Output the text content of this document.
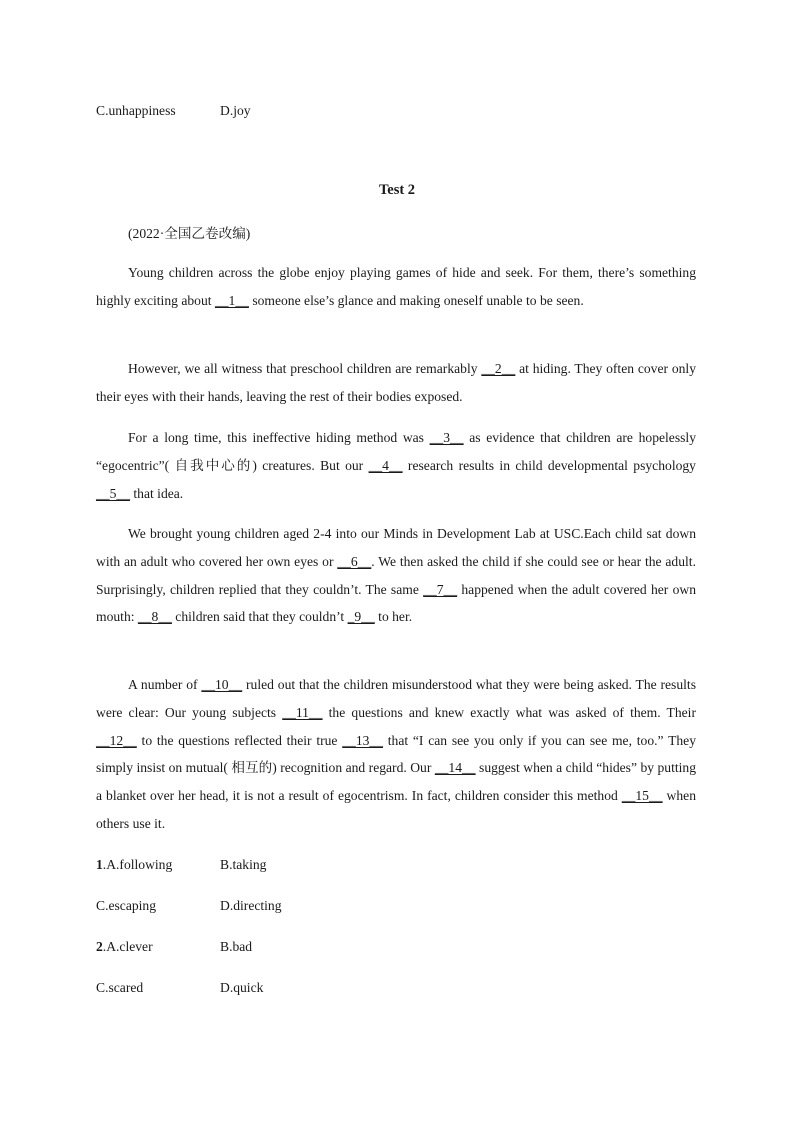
C.unhappiness	D.joy
Test 2
(2022·全国乙卷改编)

Young children across the globe enjoy playing games of hide and seek. For them, there’s something highly exciting about __1__ someone else’s glance and making oneself unable to be seen.

However, we all witness that preschool children are remarkably __2__ at hiding. They often cover only their eyes with their hands, leaving the rest of their bodies exposed.

For a long time, this ineffective hiding method was __3__ as evidence that children are hopelessly “egocentric”( 自我中心的) creatures. But our __4__ research results in child developmental psychology __5__ that idea.

We brought young children aged 2-4 into our Minds in Development Lab at USC.Each child sat down with an adult who covered her own eyes or __6__. We then asked the child if she could see or hear the adult. Surprisingly, children replied that they couldn’t. The same __7__ happened when the adult covered her own mouth: __8__ children said that they couldn’t _9__ to her.

A number of __10__ ruled out that the children misunderstood what they were being asked. The results were clear: Our young subjects __11__ the questions and knew exactly what was asked of them. Their __12__ to the questions reflected their true __13__ that “I can see you only if you can see me, too.” They simply insist on mutual( 相互的) recognition and regard. Our __14__ suggest when a child “hides” by putting a blanket over her head, it is not a result of egocentrism. In fact, children consider this method __15__ when others use it.

1.A.following	B.taking
C.escaping	D.directing
2.A.clever	B.bad
C.scared	D.quick
